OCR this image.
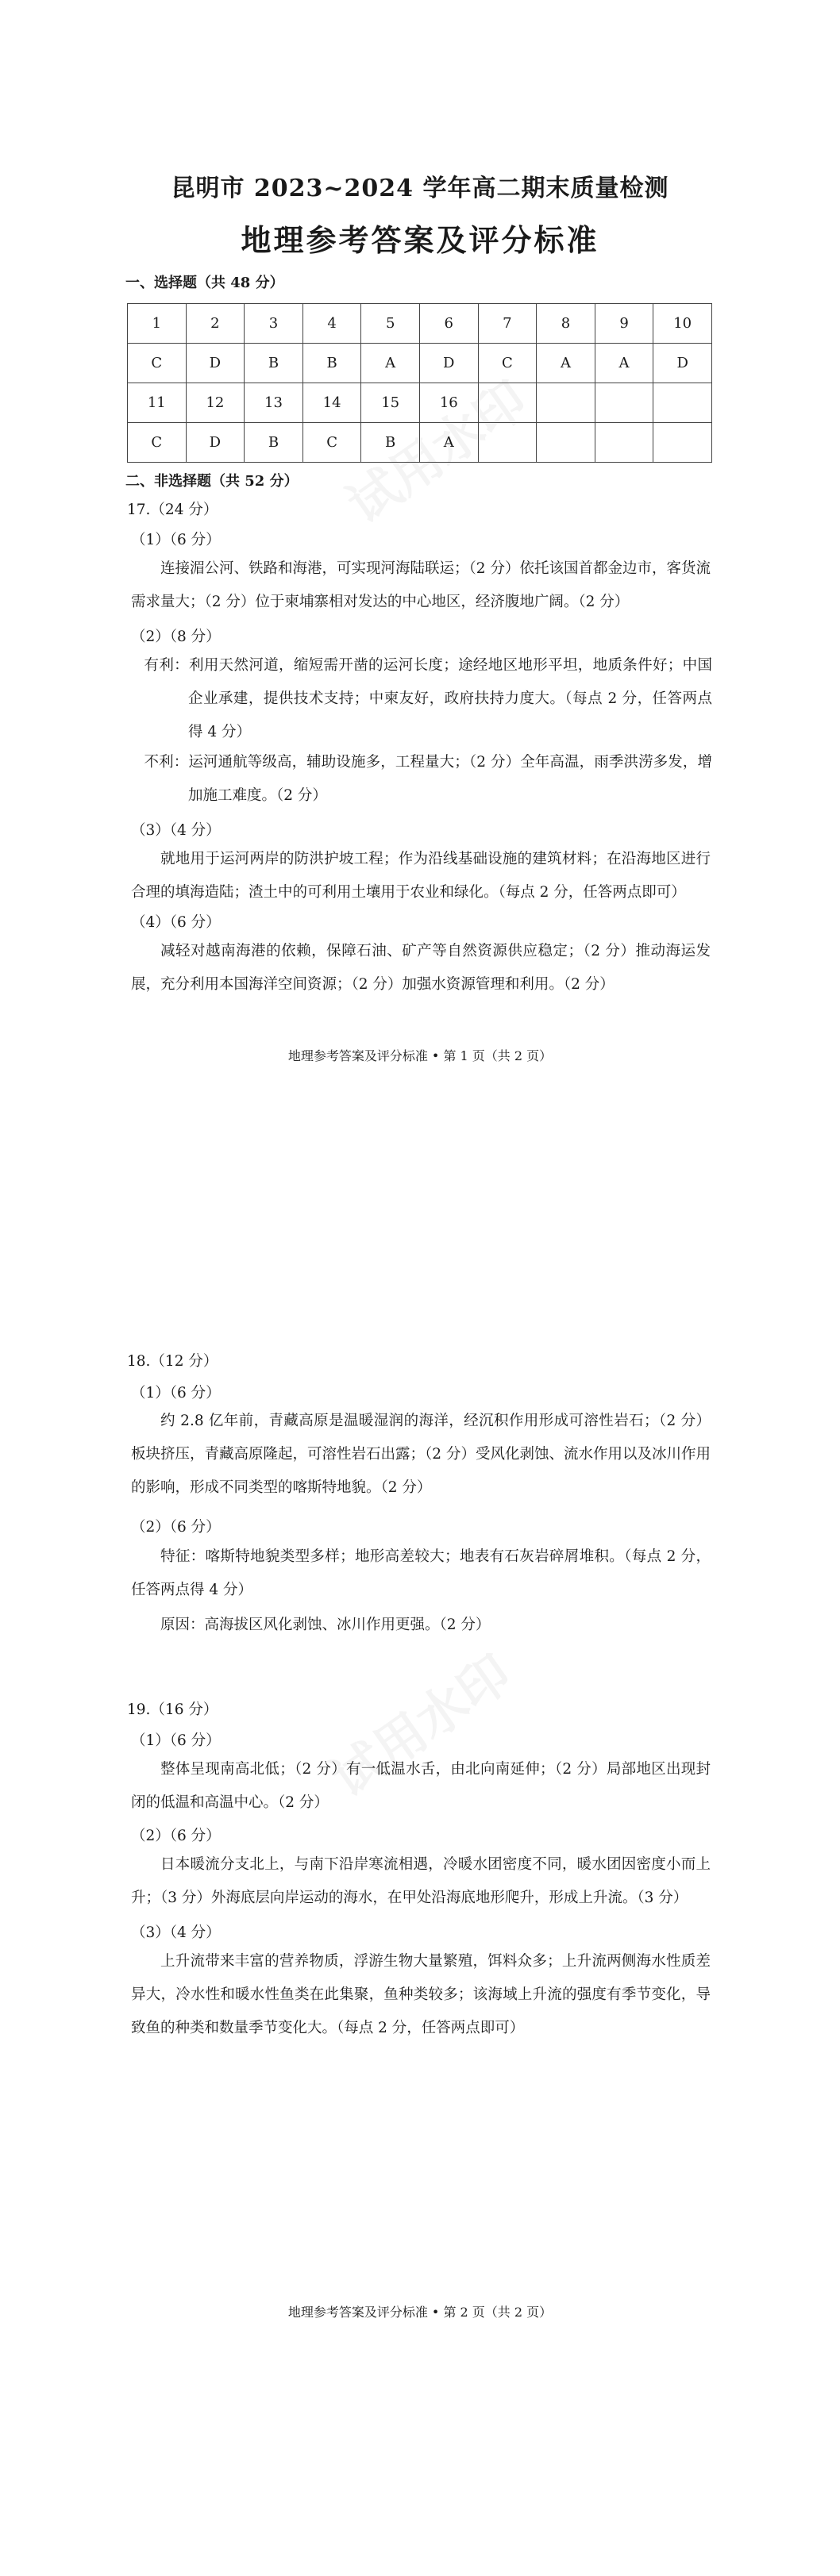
昆明市 2023~2024 学年高二期末质量检测
地理参考答案及评分标准
一、选择题（共 48 分）
1	2	3	4	5	6	7	8	9	10
C	D	B	B	A	D	C	A	A	D
11	12	13	14	15	16				
C	D	B	C	B	A				
二、非选择题（共 52 分）
17.（24 分）
（1）（6 分）
连接湄公河、铁路和海港，可实现河海陆联运；（2 分）依托该国首都金边市，客货流需求量大；（2 分）位于柬埔寨相对发达的中心地区，经济腹地广阔。（2 分）
（2）（8 分）
有利：利用天然河道，缩短需开凿的运河长度；途经地区地形平坦，地质条件好；中国企业承建，提供技术支持；中柬友好，政府扶持力度大。（每点 2 分，任答两点得 4 分）
不利：运河通航等级高，辅助设施多，工程量大；（2 分）全年高温，雨季洪涝多发，增加施工难度。（2 分）
（3）（4 分）
就地用于运河两岸的防洪护坡工程；作为沿线基础设施的建筑材料；在沿海地区进行合理的填海造陆；渣土中的可利用土壤用于农业和绿化。（每点 2 分，任答两点即可）
（4）（6 分）
减轻对越南海港的依赖，保障石油、矿产等自然资源供应稳定；（2 分）推动海运发展，充分利用本国海洋空间资源；（2 分）加强水资源管理和利用。（2 分）
地理参考答案及评分标准 • 第 1 页（共 2 页）
18.（12 分）
（1）（6 分）
约 2.8 亿年前，青藏高原是温暖湿润的海洋，经沉积作用形成可溶性岩石；（2 分）板块挤压，青藏高原隆起，可溶性岩石出露；（2 分）受风化剥蚀、流水作用以及冰川作用的影响，形成不同类型的喀斯特地貌。（2 分）
（2）（6 分）
特征：喀斯特地貌类型多样；地形高差较大；地表有石灰岩碎屑堆积。（每点 2 分，任答两点得 4 分）
原因：高海拔区风化剥蚀、冰川作用更强。（2 分）
19.（16 分）
（1）（6 分）
整体呈现南高北低；（2 分）有一低温水舌，由北向南延伸；（2 分）局部地区出现封闭的低温和高温中心。（2 分）
（2）（6 分）
日本暖流分支北上，与南下沿岸寒流相遇，冷暖水团密度不同，暖水团因密度小而上升；（3 分）外海底层向岸运动的海水，在甲处沿海底地形爬升，形成上升流。（3 分）
（3）（4 分）
上升流带来丰富的营养物质，浮游生物大量繁殖，饵料众多；上升流两侧海水性质差异大，冷水性和暖水性鱼类在此集聚，鱼种类较多；该海域上升流的强度有季节变化，导致鱼的种类和数量季节变化大。（每点 2 分，任答两点即可）
地理参考答案及评分标准 • 第 2 页（共 2 页）
